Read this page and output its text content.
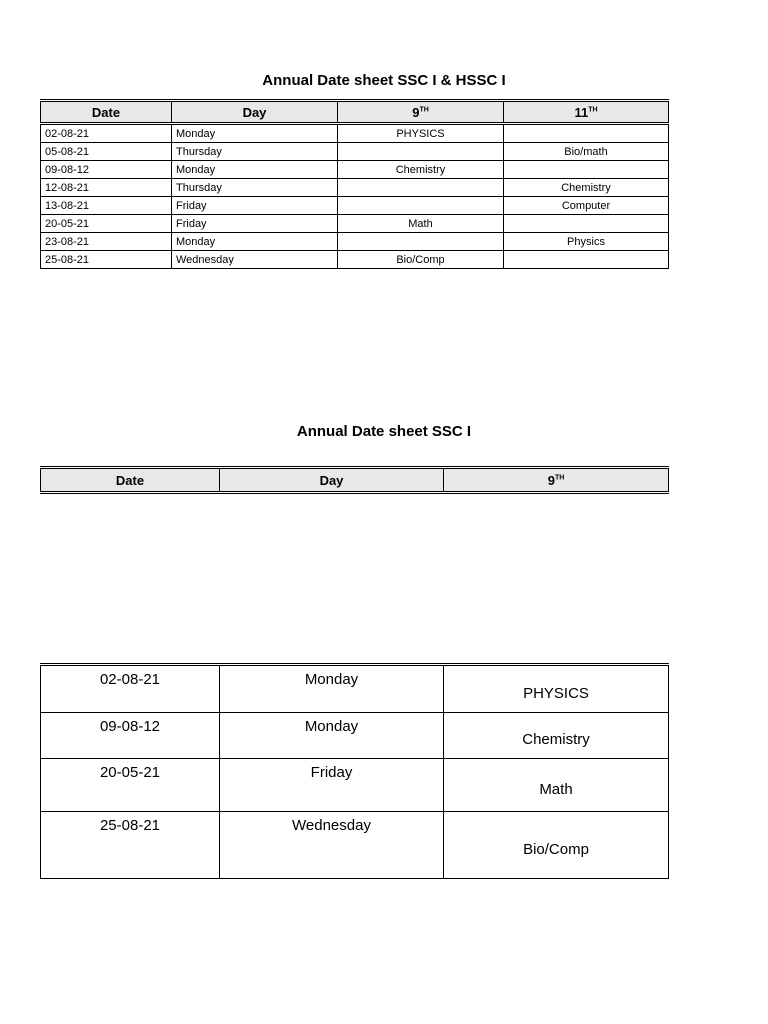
Annual Date sheet SSC I & HSSC I
Date	Day	9TH	11TH
02-08-21	Monday	PHYSICS	
05-08-21	Thursday		Bio/math
09-08-12	Monday	Chemistry	
12-08-21	Thursday		Chemistry
13-08-21	Friday		Computer
20-05-21	Friday	Math	
23-08-21	Monday		Physics
25-08-21	Wednesday	Bio/Comp	
Annual Date sheet SSC I
Date	Day	9TH
02-08-21	Monday	PHYSICS
09-08-12	Monday	Chemistry
20-05-21	Friday	Math
25-08-21	Wednesday	Bio/Comp
